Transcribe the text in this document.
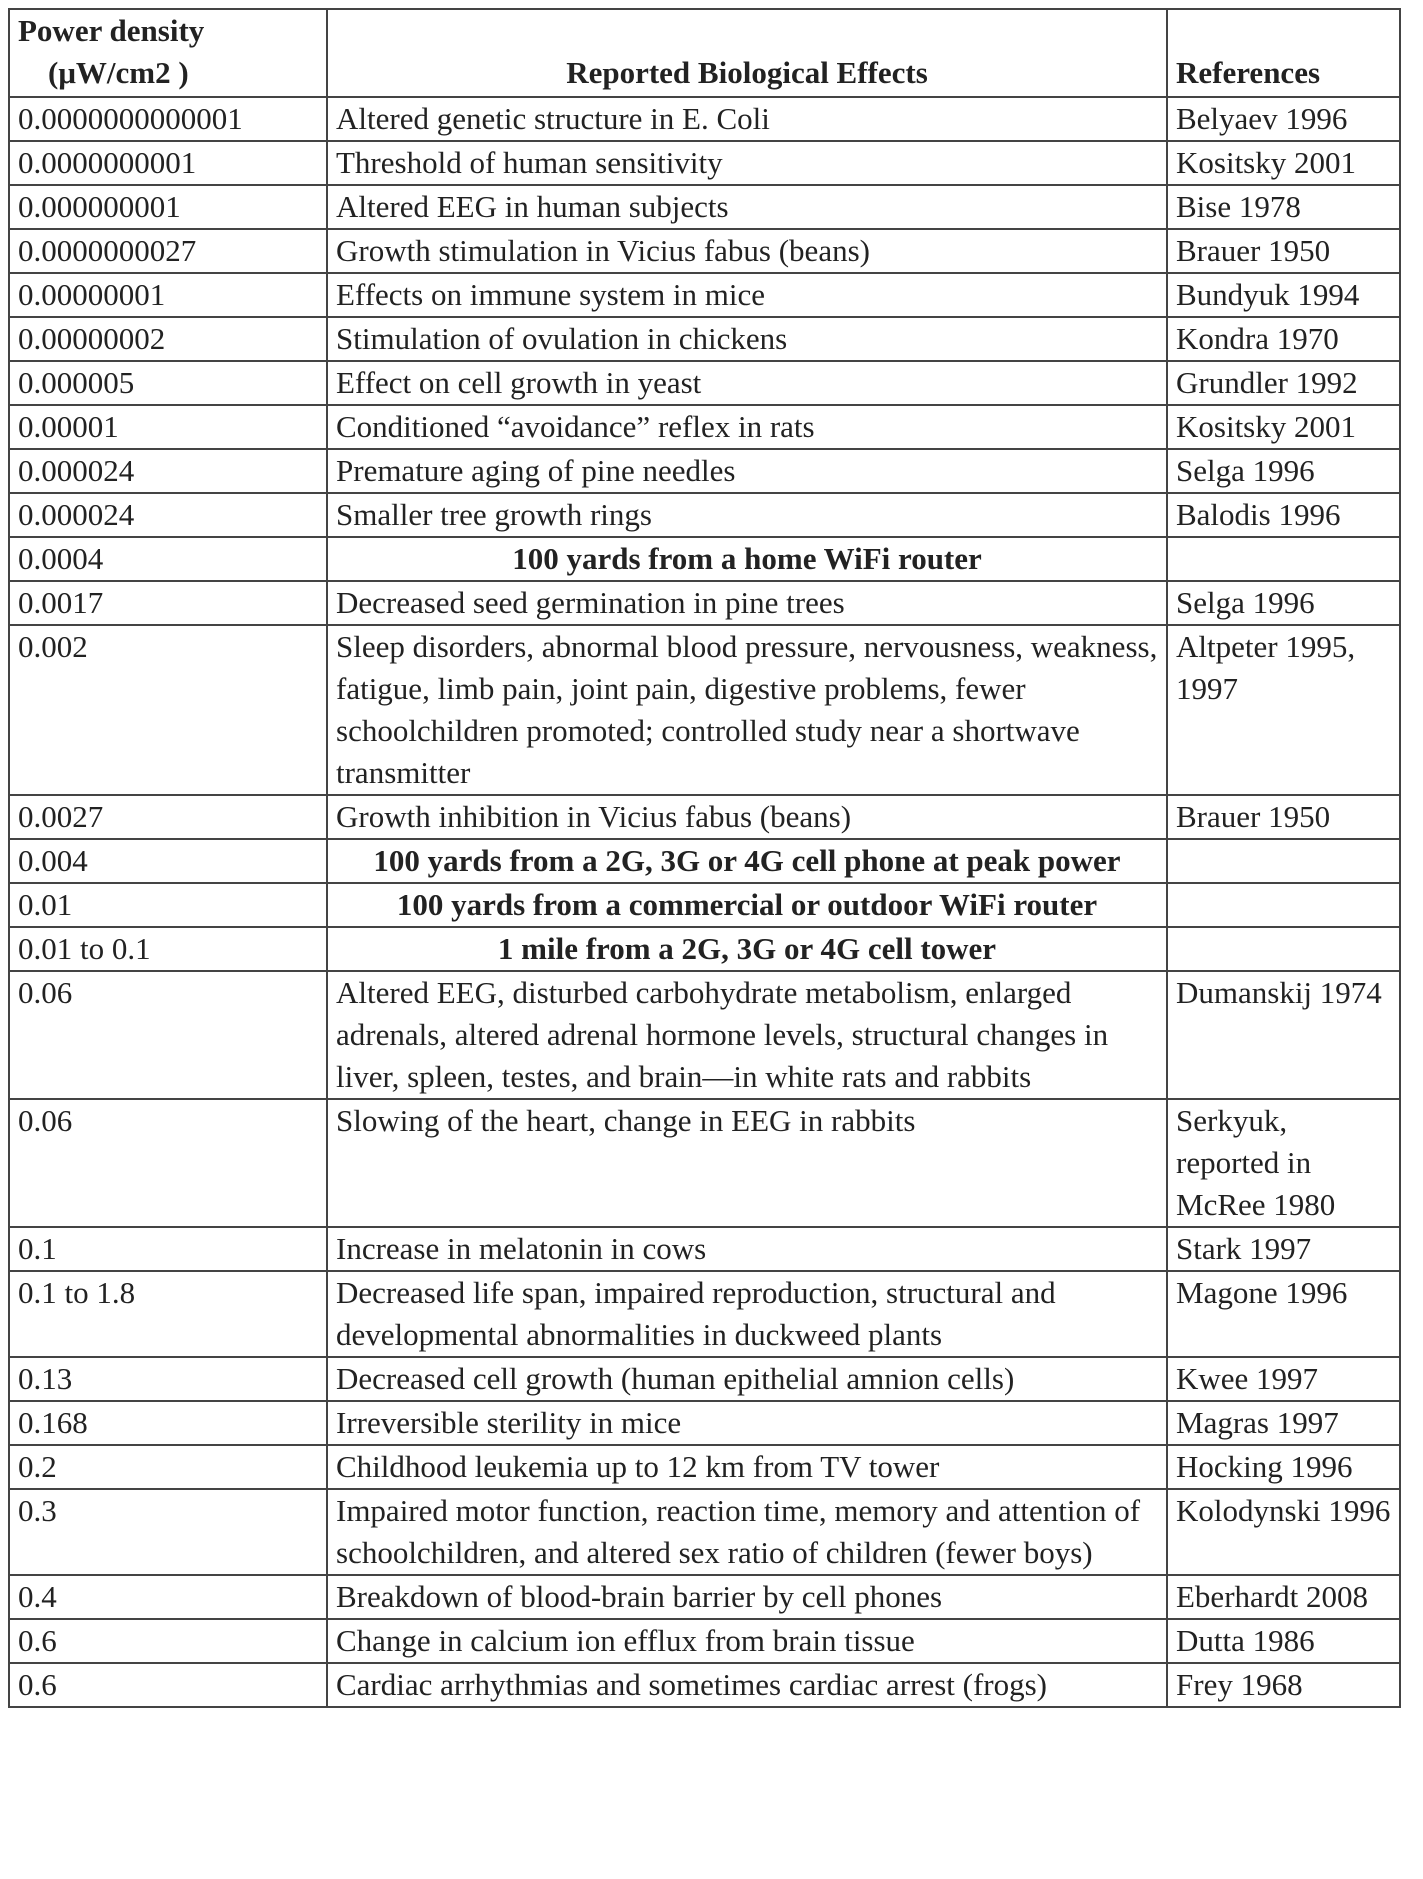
Power density
(μW/cm2 )	Reported Biological Effects	References
0.0000000000001	Altered genetic structure in E. Coli	Belyaev 1996
0.0000000001	Threshold of human sensitivity	Kositsky 2001
0.000000001	Altered EEG in human subjects	Bise 1978
0.0000000027	Growth stimulation in Vicius fabus (beans)	Brauer 1950
0.00000001	Effects on immune system in mice	Bundyuk 1994
0.00000002	Stimulation of ovulation in chickens	Kondra 1970
0.000005	Effect on cell growth in yeast	Grundler 1992
0.00001	Conditioned “avoidance” reflex in rats	Kositsky 2001
0.000024	Premature aging of pine needles	Selga 1996
0.000024	Smaller tree growth rings	Balodis 1996
0.0004	100 yards from a home WiFi router	
0.0017	Decreased seed germination in pine trees	Selga 1996
0.002	Sleep disorders, abnormal blood pressure, nervousness, weakness, fatigue, limb pain, joint pain, digestive problems, fewer schoolchildren promoted; controlled study near a shortwave transmitter	Altpeter 1995, 1997
0.0027	Growth inhibition in Vicius fabus (beans)	Brauer 1950
0.004	100 yards from a 2G, 3G or 4G cell phone at peak power	
0.01	100 yards from a commercial or outdoor WiFi router	
0.01 to 0.1	1 mile from a 2G, 3G or 4G cell tower	
0.06	Altered EEG, disturbed carbohydrate metabolism, enlarged adrenals, altered adrenal hormone levels, structural changes in liver, spleen, testes, and brain—in white rats and rabbits	Dumanskij 1974
0.06	Slowing of the heart, change in EEG in rabbits	Serkyuk, reported in McRee 1980
0.1	Increase in melatonin in cows	Stark 1997
0.1 to 1.8	Decreased life span, impaired reproduction, structural and developmental abnormalities in duckweed plants	Magone 1996
0.13	Decreased cell growth (human epithelial amnion cells)	Kwee 1997
0.168	Irreversible sterility in mice	Magras 1997
0.2	Childhood leukemia up to 12 km from TV tower	Hocking 1996
0.3	Impaired motor function, reaction time, memory and attention of schoolchildren, and altered sex ratio of children (fewer boys)	Kolodynski 1996
0.4	Breakdown of blood-brain barrier by cell phones	Eberhardt 2008
0.6	Change in calcium ion efflux from brain tissue	Dutta 1986
0.6	Cardiac arrhythmias and sometimes cardiac arrest (frogs)	Frey 1968
